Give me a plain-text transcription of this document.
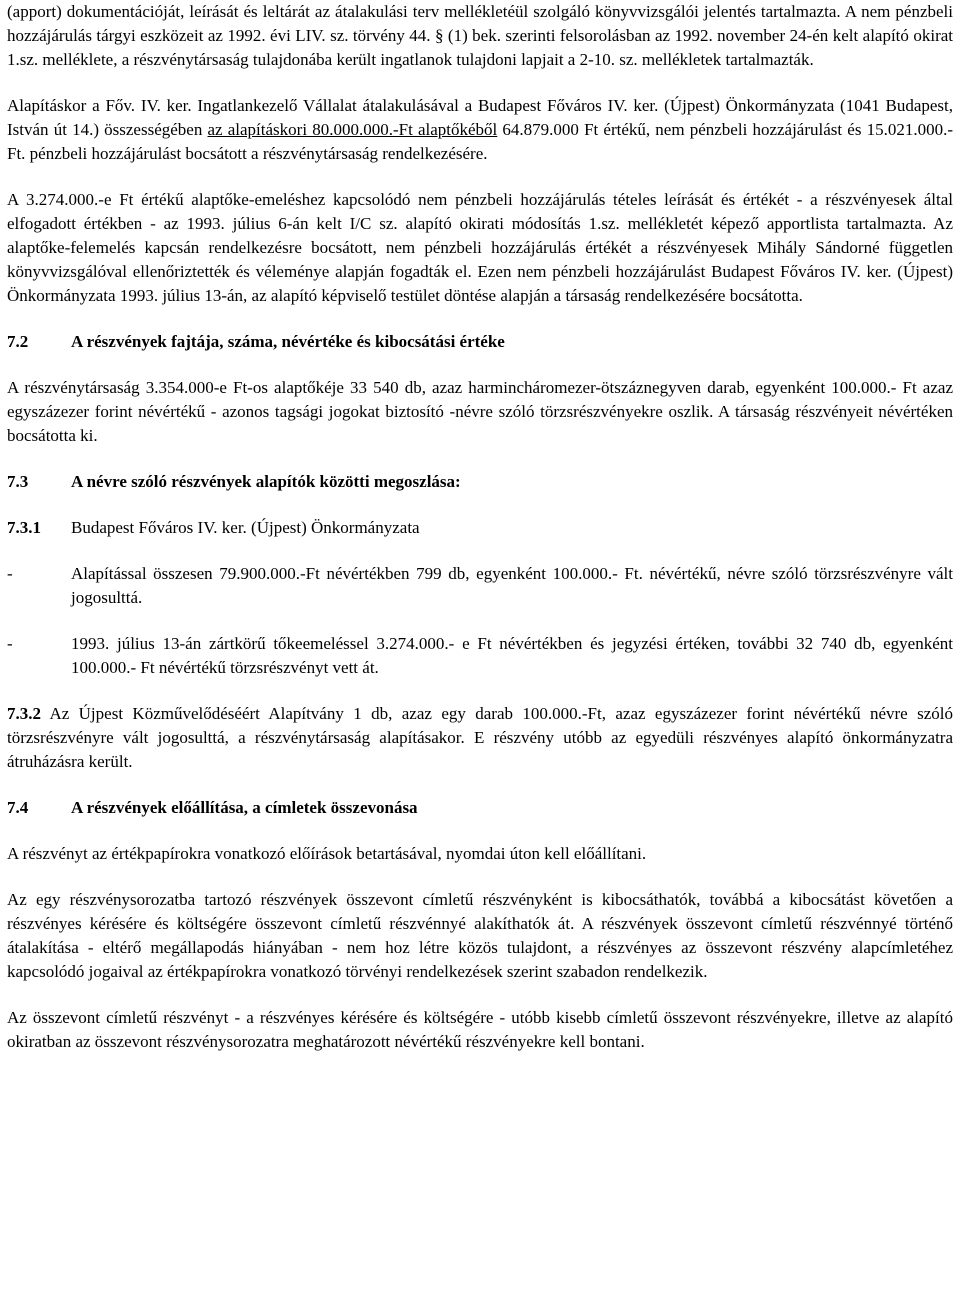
(apport) dokumentációját, leírását és leltárát az átalakulási terv mellékletéül szolgáló könyvvizsgálói jelentés tartalmazta. A nem pénzbeli hozzájárulás tárgyi eszközeit az 1992. évi LIV. sz. törvény 44. § (1) bek. szerinti felsorolásban az 1992. november 24-én kelt alapító okirat 1.sz. melléklete, a részvénytársaság tulajdonába került ingatlanok tulajdoni lapjait a 2-10. sz. mellékletek tartalmazták.

Alapításkor a Főv. IV. ker. Ingatlankezelő Vállalat átalakulásával a Budapest Főváros IV. ker. (Újpest) Önkormányzata (1041 Budapest, István út 14.) összességében az alapításkori 80.000.000.-Ft alaptőkéből 64.879.000 Ft értékű, nem pénzbeli hozzájárulást és 15.021.000.-Ft. pénzbeli hozzájárulást bocsátott a részvénytársaság rendelkezésére.

A 3.274.000.-e Ft értékű alaptőke-emeléshez kapcsolódó nem pénzbeli hozzájárulás tételes leírását és értékét - a részvényesek által elfogadott értékben - az 1993. július 6-án kelt I/C sz. alapító okirati módosítás 1.sz. mellékletét képező apportlista tartalmazta. Az alaptőke-felemelés kapcsán rendelkezésre bocsátott, nem pénzbeli hozzájárulás értékét a részvényesek Mihály Sándorné független könyvvizsgálóval ellenőriztették és véleménye alapján fogadták el. Ezen nem pénzbeli hozzájárulást Budapest Főváros IV. ker. (Újpest) Önkormányzata 1993. július 13-án, az alapító képviselő testület döntése alapján a társaság rendelkezésére bocsátotta.

7.2	A részvények fajtája, száma, névértéke és kibocsátási értéke

A részvénytársaság 3.354.000-e Ft-os alaptőkéje 33 540 db, azaz harmincháromezer-ötszáznegyven darab, egyenként 100.000.- Ft azaz egyszázezer forint névértékű - azonos tagsági jogokat biztosító -névre szóló törzsrészvényekre oszlik. A társaság részvényeit névértéken bocsátotta ki.

7.3	A névre szóló részvények alapítók közötti megoszlása:
7.3.1	Budapest Főváros IV. ker. (Újpest) Önkormányzata
-	Alapítással összesen 79.900.000.-Ft névértékben 799 db, egyenként 100.000.- Ft. névértékű, névre szóló törzsrészvényre vált jogosulttá.
-	1993. július 13-án zártkörű tőkeemeléssel 3.274.000.- e Ft névértékben és jegyzési értéken, további 32 740 db, egyenként 100.000.- Ft névértékű törzsrészvényt vett át.

7.3.2 Az Újpest Közművelődéséért Alapítvány 1 db, azaz egy darab 100.000.-Ft, azaz egyszázezer forint névértékű névre szóló törzsrészvényre vált jogosulttá, a részvénytársaság alapításakor. E részvény utóbb az egyedüli részvényes alapító önkormányzatra átruházásra került.

7.4	A részvények előállítása, a címletek összevonása

A részvényt az értékpapírokra vonatkozó előírások betartásával, nyomdai úton kell előállítani.

Az egy részvénysorozatba tartozó részvények összevont címletű részvényként is kibocsáthatók, továbbá a kibocsátást követően a részvényes kérésére és költségére összevont címletű részvénnyé alakíthatók át. A részvények összevont címletű részvénnyé történő átalakítása - eltérő megállapodás hiányában - nem hoz létre közös tulajdont, a részvényes az összevont részvény alapcímletéhez kapcsolódó jogaival az értékpapírokra vonatkozó törvényi rendelkezések szerint szabadon rendelkezik.

Az összevont címletű részvényt - a részvényes kérésére és költségére - utóbb kisebb címletű összevont részvényekre, illetve az alapító okiratban az összevont részvénysorozatra meghatározott névértékű részvényekre kell bontani.
